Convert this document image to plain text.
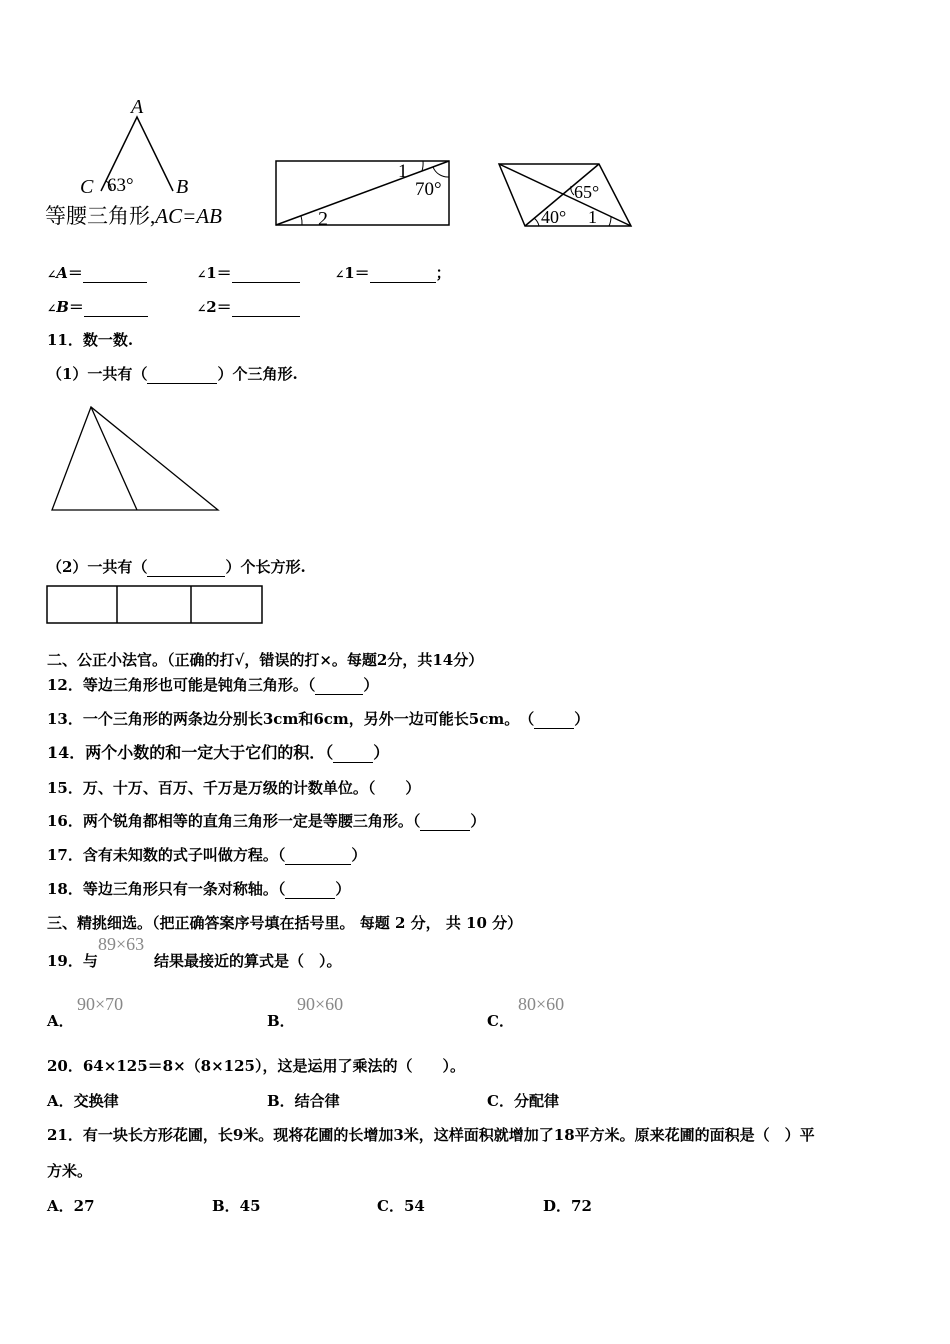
A
C	B
63°
等腰三角形,AC=AB
1
70°
2
65°
40° 1
∠A＝	∠1＝	∠1＝	；
∠B＝	∠2＝
11．数一数.
（1）一共有（	）个三角形.
（2）一共有（	）个长方形.
二、公正小法官。（正确的打√，错误的打×。每题2分，共14分）
12．等边三角形也可能是钝角三角形。（	）
13．一个三角形的两条边分别长3cm和6cm，另外一边可能长5cm。　（	）
14．两个小数的和一定大于它们的积．（	）
15．万、十万、百万、千万是万级的计数单位。（　　）
16．两个锐角都相等的直角三角形一定是等腰三角形。（	）
17．含有未知数的式子叫做方程。（	）
18．等边三角形只有一条对称轴。（	）
三、精挑细选。（把正确答案序号填在括号里。 每题 2 分， 共 10 分）
19．与
89×63
结果最接近的算式是（　）。
A．
90×70
B．
90×60
C．
80×60
20．64×125＝8×（8×125），这是运用了乘法的（　　）。
A．交换律	B．结合律	C．分配律
21．有一块长方形花圃，长9米。现将花圃的长增加3米，这样面积就增加了18平方米。原来花圃的面积是（　）平
方米。
A．27	B．45	C．54	D．72
